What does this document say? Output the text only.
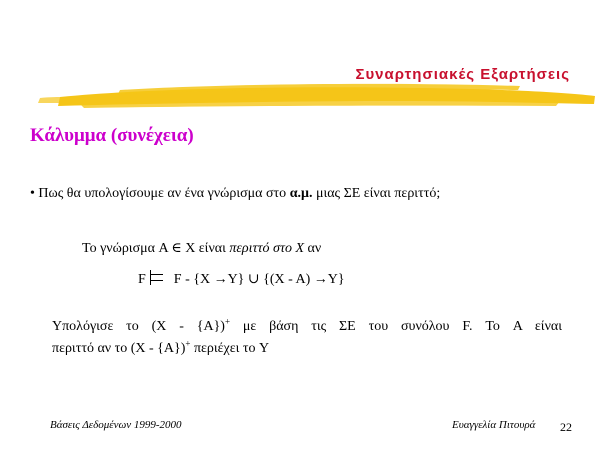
Συναρτησιακές Εξαρτήσεις
Κάλυμμα (συνέχεια)
• Πως θα υπολογίσουμε αν ένα γνώρισμα στο α.μ. μιας ΣΕ είναι περιττό;
Το γνώρισμα A ∈ X είναι περιττό στο X αν
F F - {X →Y} ∪ {(X - A) →Y}
Υπολόγισε το (X - {A})+ με βάση τις ΣΕ του συνόλου F. Το A είναι
περιττό αν το (X - {A})+ περιέχει το Y
Βάσεις Δεδομένων 1999-2000	Ευαγγελία Πιτουρά 22
